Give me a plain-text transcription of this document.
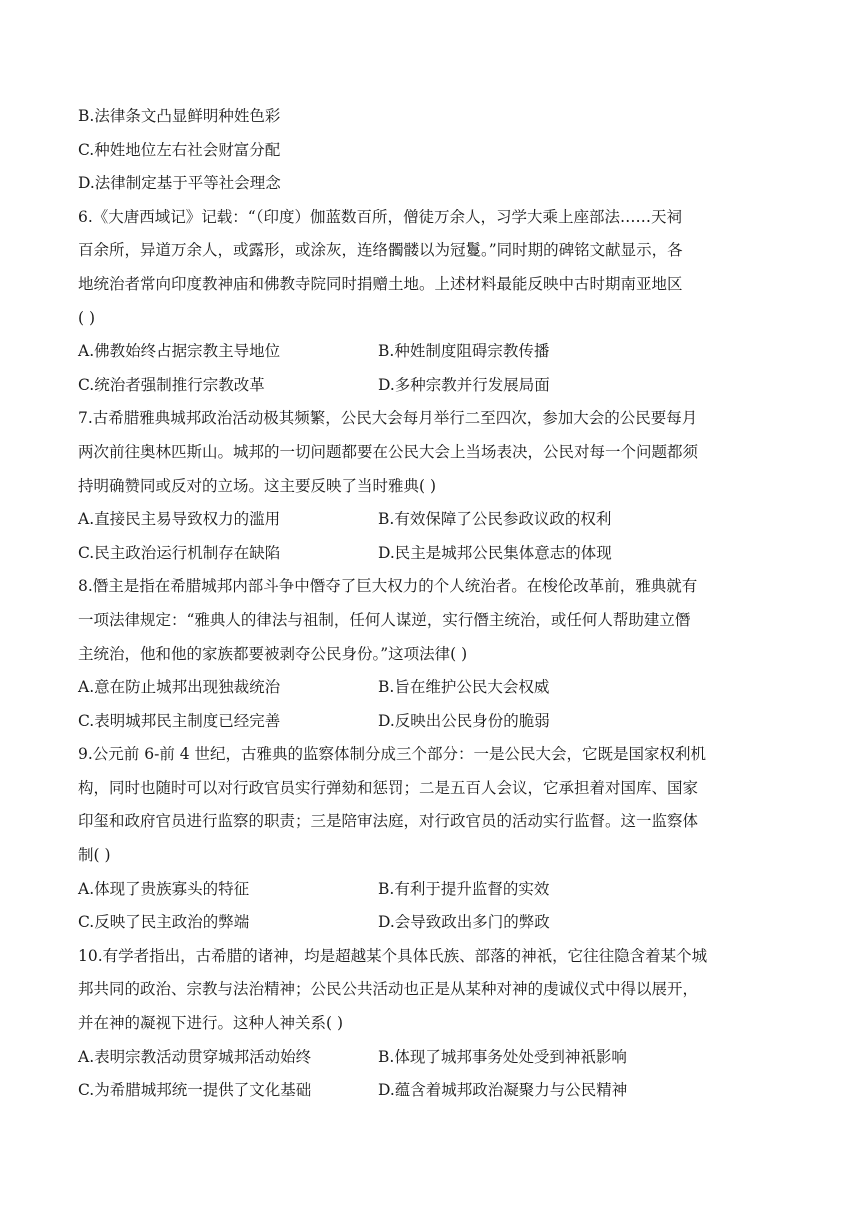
B.法律条文凸显鲜明种姓色彩
C.种姓地位左右社会财富分配
D.法律制定基于平等社会理念
6.《大唐西域记》记载：“（印度）伽蓝数百所，僧徒万余人，习学大乘上座部法……天祠
百余所，异道万余人，或露形，或涂灰，连络髑髅以为冠鬘。”同时期的碑铭文献显示，各
地统治者常向印度教神庙和佛教寺院同时捐赠土地。上述材料最能反映中古时期南亚地区
( )
A.佛教始终占据宗教主导地位	B.种姓制度阻碍宗教传播
C.统治者强制推行宗教改革	D.多种宗教并行发展局面
7.古希腊雅典城邦政治活动极其频繁，公民大会每月举行二至四次，参加大会的公民要每月
两次前往奥林匹斯山。城邦的一切问题都要在公民大会上当场表决，公民对每一个问题都须
持明确赞同或反对的立场。这主要反映了当时雅典( )
A.直接民主易导致权力的滥用	B.有效保障了公民参政议政的权利
C.民主政治运行机制存在缺陷	D.民主是城邦公民集体意志的体现
8.僭主是指在希腊城邦内部斗争中僭夺了巨大权力的个人统治者。在梭伦改革前，雅典就有
一项法律规定：“雅典人的律法与祖制，任何人谋逆，实行僭主统治，或任何人帮助建立僭
主统治，他和他的家族都要被剥夺公民身份。”这项法律( )
A.意在防止城邦出现独裁统治	B.旨在维护公民大会权威
C.表明城邦民主制度已经完善	D.反映出公民身份的脆弱
9.公元前 6-前 4 世纪，古雅典的监察体制分成三个部分：一是公民大会，它既是国家权利机
构，同时也随时可以对行政官员实行弹劾和惩罚；二是五百人会议，它承担着对国库、国家
印玺和政府官员进行监察的职责；三是陪审法庭，对行政官员的活动实行监督。这一监察体
制( )
A.体现了贵族寡头的特征	B.有利于提升监督的实效
C.反映了民主政治的弊端	D.会导致政出多门的弊政
10.有学者指出，古希腊的诸神，均是超越某个具体氏族、部落的神祇，它往往隐含着某个城
邦共同的政治、宗教与法治精神；公民公共活动也正是从某种对神的虔诚仪式中得以展开，
并在神的凝视下进行。这种人神关系( )
A.表明宗教活动贯穿城邦活动始终	B.体现了城邦事务处处受到神祇影响
C.为希腊城邦统一提供了文化基础	D.蕴含着城邦政治凝聚力与公民精神
